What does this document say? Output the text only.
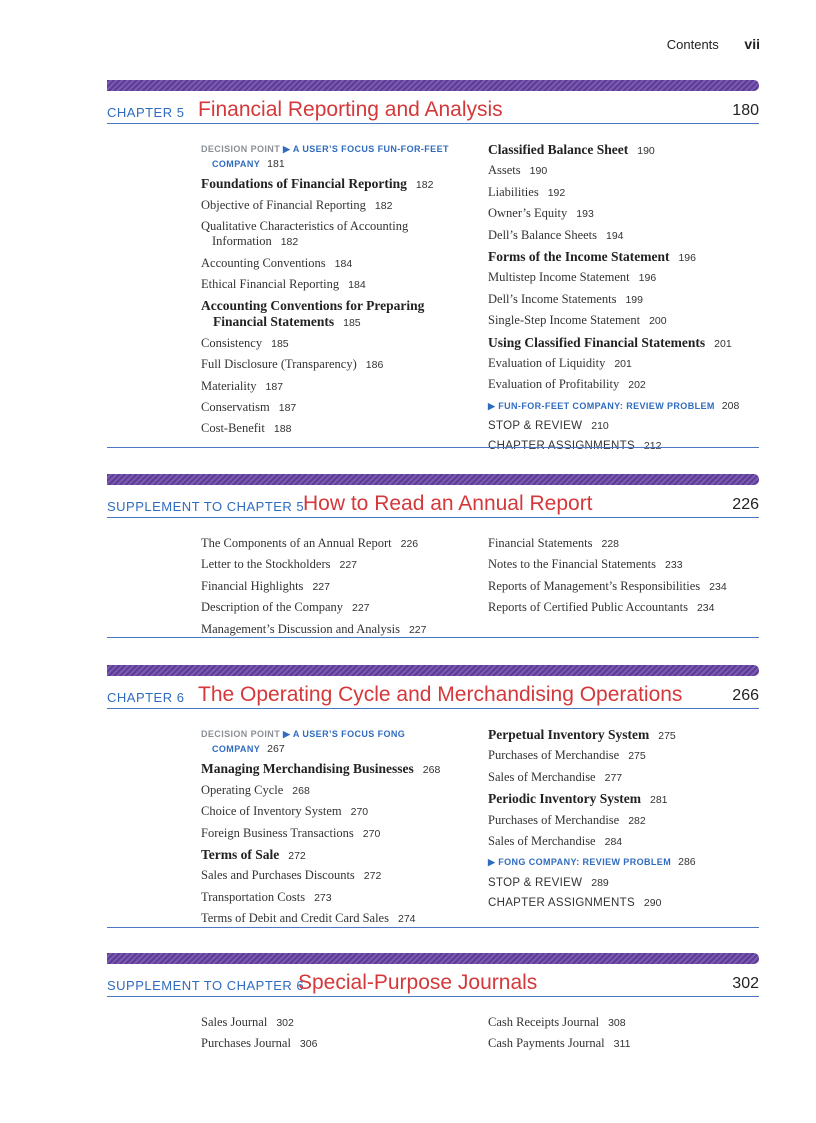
Contents vii
CHAPTER 5 Financial Reporting and Analysis	180
DECISION POINT ▶ A USER’S FOCUS FUN-FOR-FEET COMPANY 181
Foundations of Financial Reporting 182
Objective of Financial Reporting 182
Qualitative Characteristics of Accounting Information 182
Accounting Conventions 184
Ethical Financial Reporting 184
Accounting Conventions for Preparing Financial Statements 185
Consistency 185
Full Disclosure (Transparency) 186
Materiality 187
Conservatism 187
Cost-Benefit 188
Classified Balance Sheet 190
Assets 190
Liabilities 192
Owner’s Equity 193
Dell’s Balance Sheets 194
Forms of the Income Statement 196
Multistep Income Statement 196
Dell’s Income Statements 199
Single-Step Income Statement 200
Using Classified Financial Statements 201
Evaluation of Liquidity 201
Evaluation of Profitability 202
▶ FUN-FOR-FEET COMPANY: REVIEW PROBLEM 208
STOP & REVIEW 210
CHAPTER ASSIGNMENTS 212
SUPPLEMENT TO CHAPTER 5
How to Read an Annual Report	226
The Components of an Annual Report 226
Letter to the Stockholders 227
Financial Highlights 227
Description of the Company 227
Management’s Discussion and Analysis 227
Financial Statements 228
Notes to the Financial Statements 233
Reports of Management’s Responsibilities 234
Reports of Certified Public Accountants 234
CHAPTER 6 The Operating Cycle and Merchandising Operations	266
DECISION POINT ▶ A USER’S FOCUS FONG COMPANY 267
Managing Merchandising Businesses 268
Operating Cycle 268
Choice of Inventory System 270
Foreign Business Transactions 270
Terms of Sale 272
Sales and Purchases Discounts 272
Transportation Costs 273
Terms of Debit and Credit Card Sales 274
Perpetual Inventory System 275
Purchases of Merchandise 275
Sales of Merchandise 277
Periodic Inventory System 281
Purchases of Merchandise 282
Sales of Merchandise 284
▶ FONG COMPANY: REVIEW PROBLEM 286
STOP & REVIEW 289
CHAPTER ASSIGNMENTS 290
SUPPLEMENT TO CHAPTER 6
Special-Purpose Journals	302
Sales Journal 302
Purchases Journal 306
Cash Receipts Journal 308
Cash Payments Journal 311
